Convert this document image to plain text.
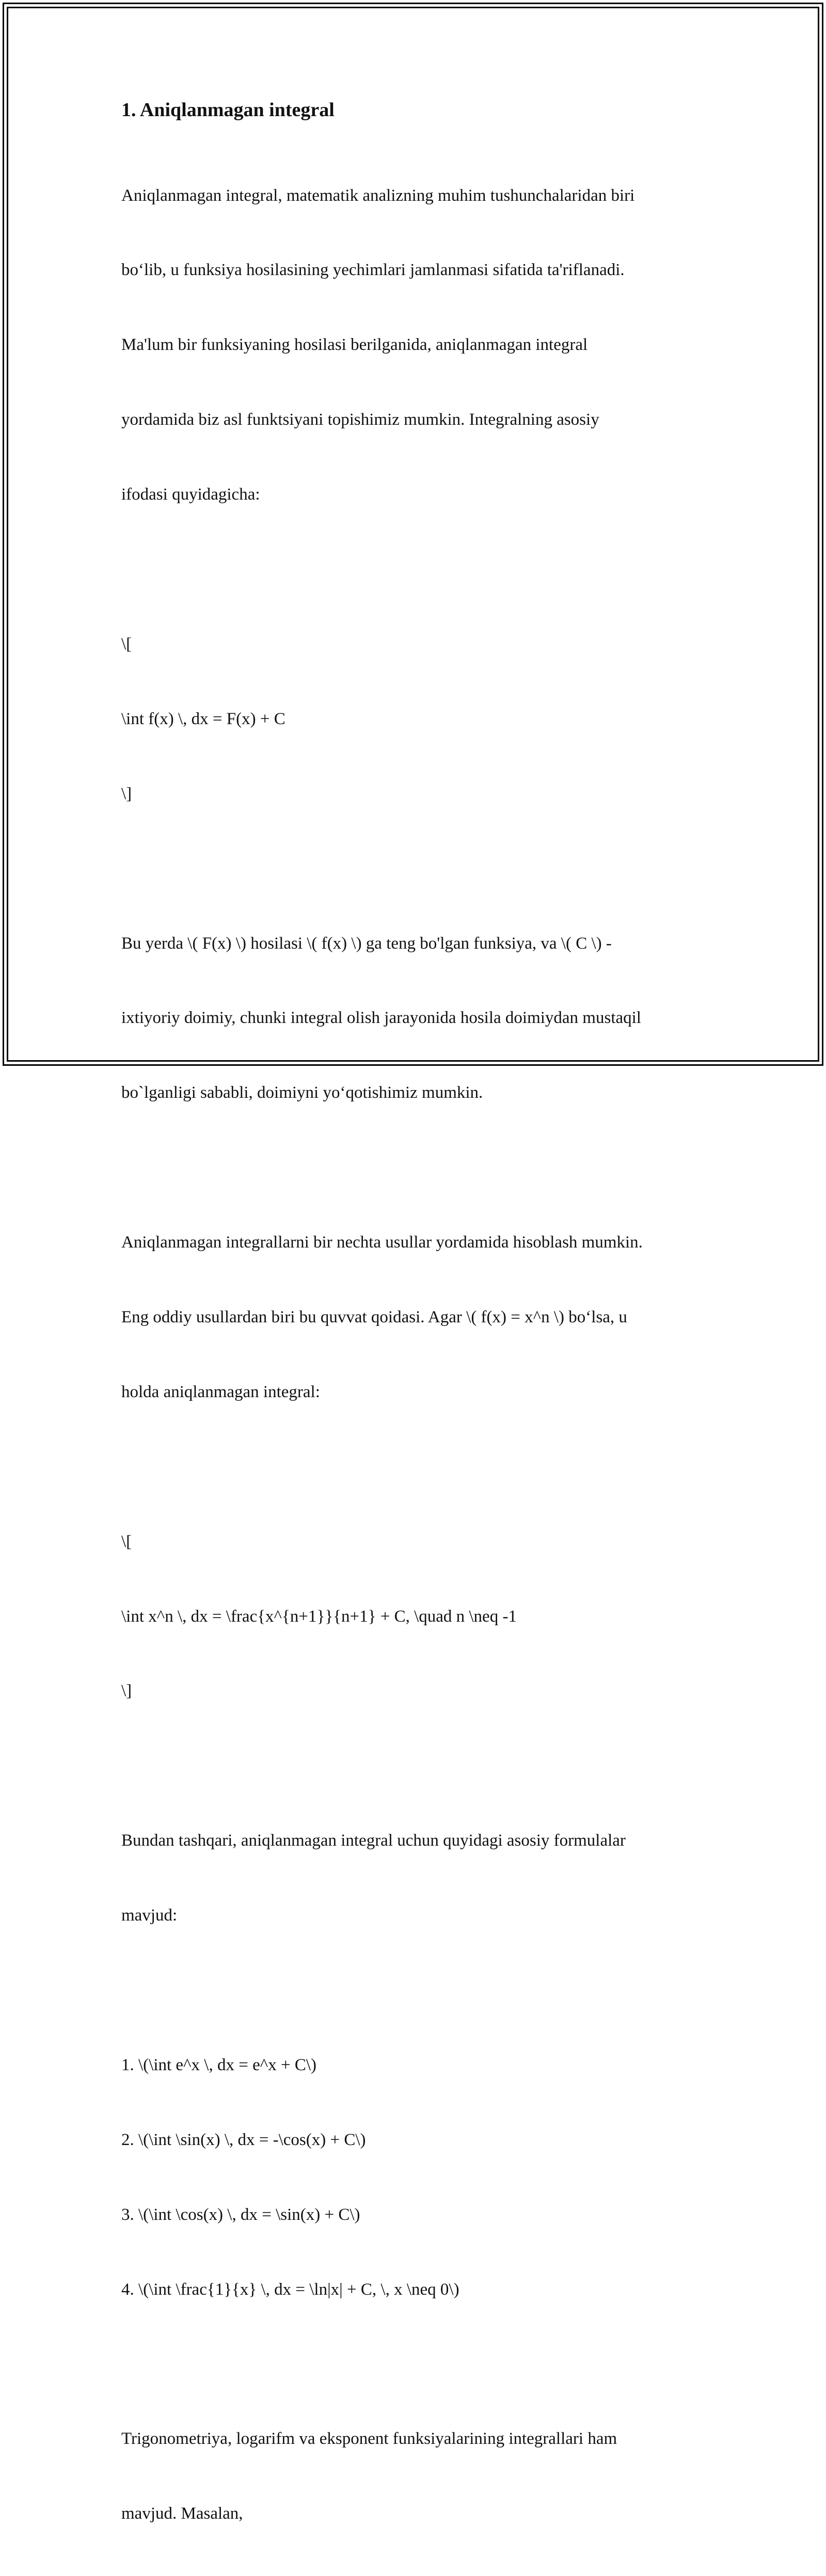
1. Aniqlanmagan integral

Aniqlanmagan integral, matematik analizning muhim tushunchalaridan biri

bo‘lib, u funksiya hosilasining yechimlari jamlanmasi sifatida ta'riflanadi.

Ma'lum bir funksiyaning hosilasi berilganida, aniqlanmagan integral

yordamida biz asl funktsiyani topishimiz mumkin. Integralning asosiy

ifodasi quyidagicha:

\[

\int f(x) \, dx = F(x) + C

\]

Bu yerda \( F(x) \) hosilasi \( f(x) \) ga teng bo'lgan funksiya, va \( C \) -

ixtiyoriy doimiy, chunki integral olish jarayonida hosila doimiydan mustaqil

bo`lganligi sababli, doimiyni yo‘qotishimiz mumkin.

Aniqlanmagan integrallarni bir nechta usullar yordamida hisoblash mumkin.

Eng oddiy usullardan biri bu quvvat qoidasi. Agar \( f(x) = x^n \) bo‘lsa, u

holda aniqlanmagan integral:

\[

\int x^n \, dx = \frac{x^{n+1}}{n+1} + C, \quad n \neq -1

\]

Bundan tashqari, aniqlanmagan integral uchun quyidagi asosiy formulalar

mavjud:

1. \(\int e^x \, dx = e^x + C\)

2. \(\int \sin(x) \, dx = -\cos(x) + C\)

3. \(\int \cos(x) \, dx = \sin(x) + C\)

4. \(\int \frac{1}{x} \, dx = \ln|x| + C, \, x \neq 0\)

Trigonometriya, logarifm va eksponent funksiyalarining integrallari ham

mavjud. Masalan,
